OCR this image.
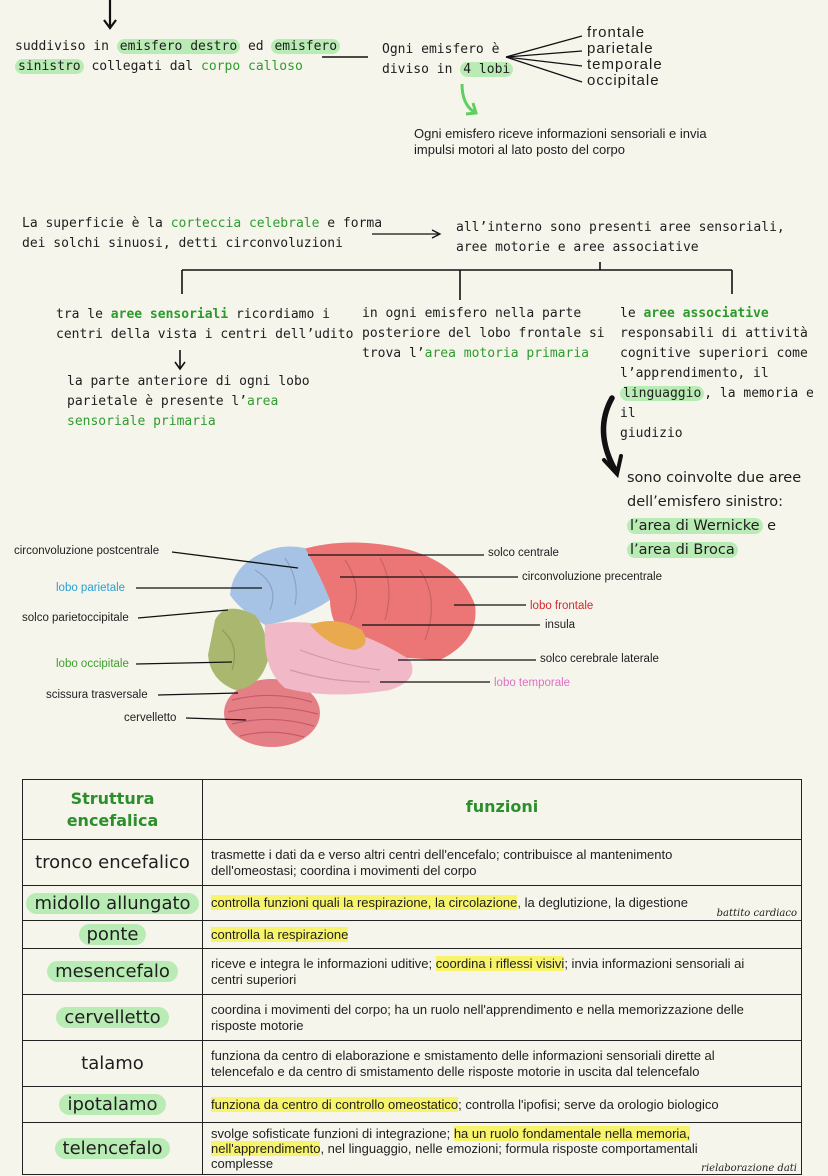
suddiviso in emisfero destro ed emisfero
sinistro collegati dal corpo calloso
Ogni emisfero è
diviso in 4 lobi
frontale
parietale
temporale
occipitale
Ogni emisfero riceve informazioni sensoriali e invia
impulsi motori al lato posto del corpo
La superficie è la corteccia celebrale e forma
dei solchi sinuosi, detti circonvoluzioni
all’interno sono presenti aree sensoriali,
aree motorie e aree associative
tra le aree sensoriali ricordiamo i
centri della vista i centri dell’udito
la parte anteriore di ogni lobo
parietale è presente l’area
sensoriale primaria
in ogni emisfero nella parte
posteriore del lobo frontale si
trova l’area motoria primaria
le aree associative
responsabili di attività
cognitive superiori come
l’apprendimento, il
linguaggio , la memoria e il
giudizio
sono coinvolte due aree
dell’emisfero sinistro:
l’area di Wernicke e
l’area di Broca
circonvoluzione postcentrale
lobo parietale
solco parietoccipitale
lobo occipitale
scissura trasversale
cervelletto
solco centrale
circonvoluzione precentrale
lobo frontale
insula
solco cerebrale laterale
lobo temporale
Struttura
encefalica	funzioni
tronco encefalico	trasmette i dati da e verso altri centri dell'encefalo; contribuisce al mantenimento
dell'omeostasi; coordina i movimenti del corpo

midollo allungato	controlla funzioni quali la respirazione, la circolazione, la deglutizione, la digestione
battito cardiaco

ponte	controlla la respirazione
mesencefalo	riceve e integra le informazioni uditive; coordina i riflessi visivi; invia informazioni sensoriali ai
centri superiori

cervelletto	coordina i movimenti del corpo; ha un ruolo nell'apprendimento e nella memorizzazione delle
risposte motorie

talamo	funziona da centro di elaborazione e smistamento delle informazioni sensoriali dirette al
telencefalo e da centro di smistamento delle risposte motorie in uscita dal telencefalo

ipotalamo	funziona da centro di controllo omeostatico; controlla l'ipofisi; serve da orologio biologico
telencefalo	svolge sofisticate funzioni di integrazione; ha un ruolo fondamentale nella memoria,
nell'apprendimento, nel linguaggio, nelle emozioni; formula risposte comportamentali
complesse rielaborazione dati
